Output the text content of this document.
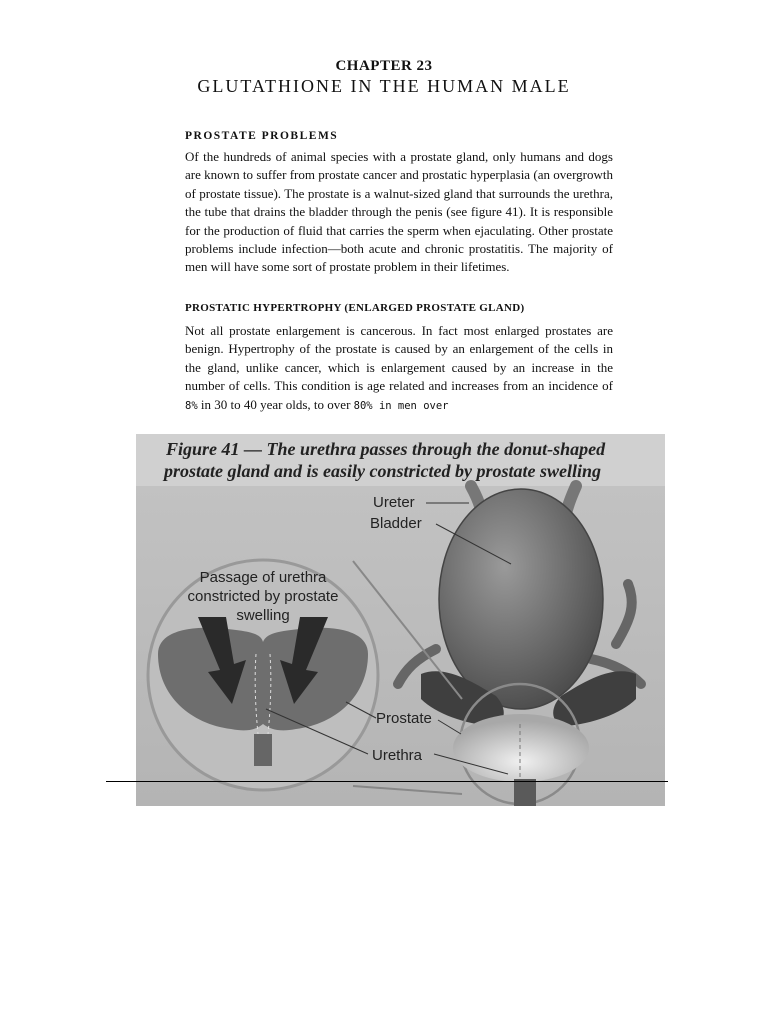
CHAPTER 23
GLUTATHIONE IN THE HUMAN MALE
PROSTATE PROBLEMS
Of the hundreds of animal species with a prostate gland, only humans and dogs are known to suffer from prostate cancer and prostatic hyperplasia (an overgrowth of prostate tissue). The prostate is a walnut-sized gland that surrounds the urethra, the tube that drains the bladder through the penis (see figure 41). It is responsible for the production of fluid that carries the sperm when ejaculating. Other prostate problems include infection—both acute and chronic prostatitis. The majority of men will have some sort of prostate problem in their lifetimes.
PROSTATIC HYPERTROPHY (ENLARGED PROSTATE GLAND)
Not all prostate enlargement is cancerous. In fact most enlarged prostates are benign. Hypertrophy of the prostate is caused by an enlargement of the cells in the gland, unlike cancer, which is enlargement caused by an increase in the number of cells. This condition is age related and increases from an incidence of 8% in 30 to 40 year olds, to over 80% in men over
Figure 41 — The urethra passes through the donut-shaped
prostate gland and is easily constricted by prostate swelling
Passage of urethra
constricted by prostate
swelling
Ureter
Bladder
Prostate
Urethra
